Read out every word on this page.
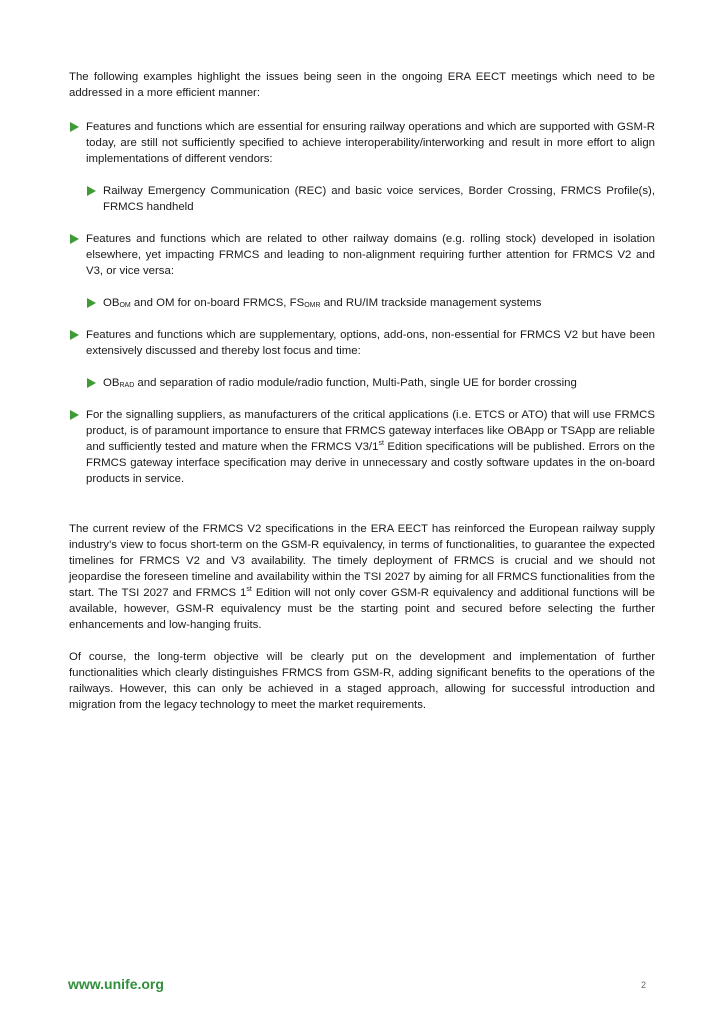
The following examples highlight the issues being seen in the ongoing ERA EECT meetings which need to be addressed in a more efficient manner:

Features and functions which are essential for ensuring railway operations and which are supported with GSM-R today, are still not sufficiently specified to achieve interoperability/interworking and result in more effort to align implementations of different vendors:

Railway Emergency Communication (REC) and basic voice services, Border Crossing, FRMCS Profile(s), FRMCS handheld

Features and functions which are related to other railway domains (e.g. rolling stock) developed in isolation elsewhere, yet impacting FRMCS and leading to non-alignment requiring further attention for FRMCS V2 and V3, or vice versa:

$OB_{OM}$ and OM for on-board FRMCS, $FS_{OMR}$ and RU/IM trackside management systems

Features and functions which are supplementary, options, add-ons, non-essential for FRMCS V2 but have been extensively discussed and thereby lost focus and time:

$OB_{RAD}$ and separation of radio module/radio function, Multi-Path, single UE for border crossing

For the signalling suppliers, as manufacturers of the critical applications (i.e. ETCS or ATO) that will use FRMCS product, is of paramount importance to ensure that FRMCS gateway interfaces like OBApp or TSApp are reliable and sufficiently tested and mature when the FRMCS V3/1st Edition specifications will be published. Errors on the FRMCS gateway interface specification may derive in unnecessary and costly software updates in the on-board products in service.

The current review of the FRMCS V2 specifications in the ERA EECT has reinforced the European railway supply industry’s view to focus short-term on the GSM-R equivalency, in terms of functionalities, to guarantee the expected timelines for FRMCS V2 and V3 availability. The timely deployment of FRMCS is crucial and we should not jeopardise the foreseen timeline and availability within the TSI 2027 by aiming for all FRMCS functionalities from the start. The TSI 2027 and FRMCS 1st Edition will not only cover GSM-R equivalency and additional functions will be available, however, GSM-R equivalency must be the starting point and secured before selecting the further enhancements and low-hanging fruits.

Of course, the long-term objective will be clearly put on the development and implementation of further functionalities which clearly distinguishes FRMCS from GSM-R, adding significant benefits to the operations of the railways. However, this can only be achieved in a staged approach, allowing for successful introduction and migration from the legacy technology to meet the market requirements.

www.unife.org	2
